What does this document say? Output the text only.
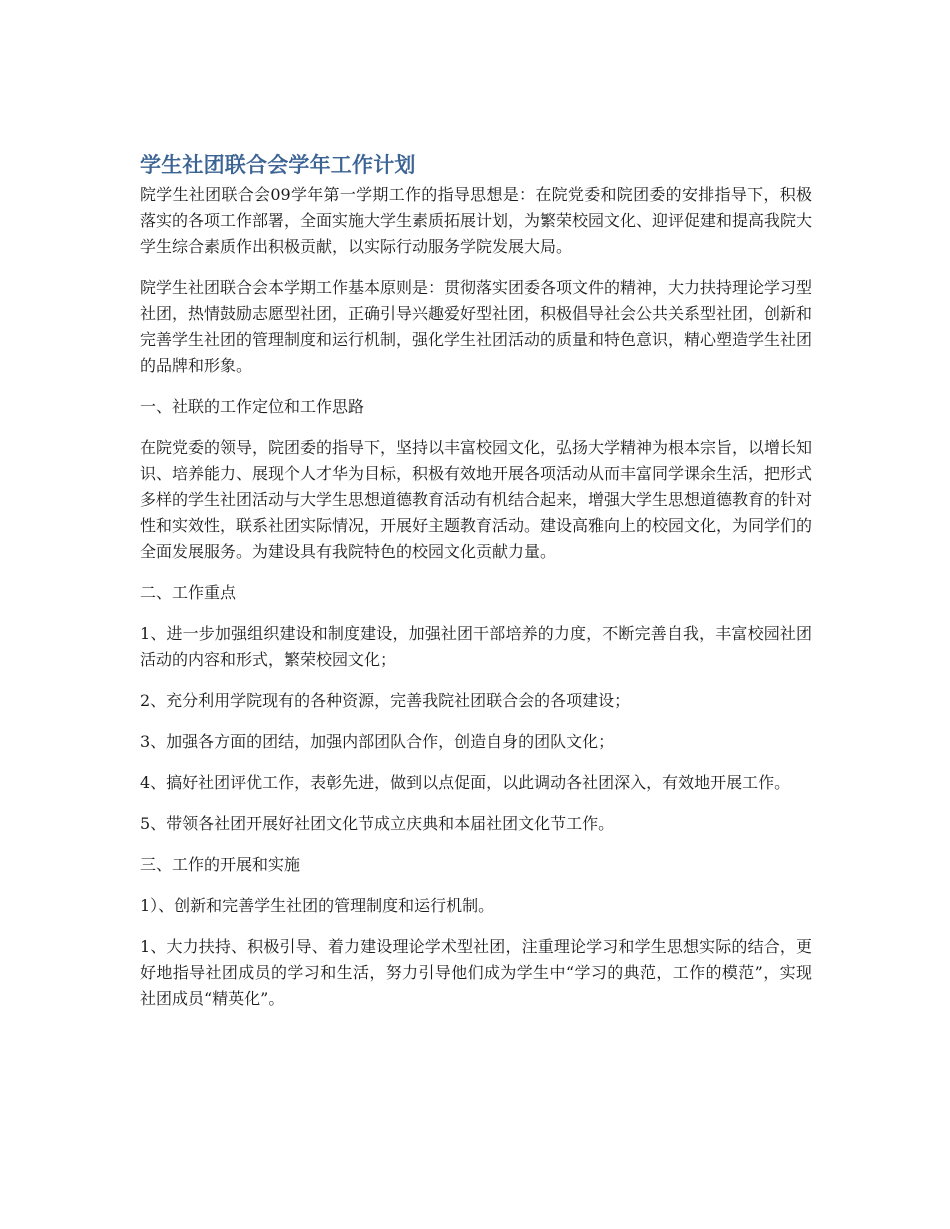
学生社团联合会学年工作计划

院学生社团联合会09学年第一学期工作的指导思想是：在院党委和院团委的安排指导下，积极落实的各项工作部署，全面实施大学生素质拓展计划，为繁荣校园文化、迎评促建和提高我院大学生综合素质作出积极贡献，以实际行动服务学院发展大局。

院学生社团联合会本学期工作基本原则是：贯彻落实团委各项文件的精神，大力扶持理论学习型社团，热情鼓励志愿型社团，正确引导兴趣爱好型社团，积极倡导社会公共关系型社团，创新和完善学生社团的管理制度和运行机制，强化学生社团活动的质量和特色意识，精心塑造学生社团的品牌和形象。

一、社联的工作定位和工作思路

在院党委的领导，院团委的指导下，坚持以丰富校园文化，弘扬大学精神为根本宗旨，以增长知识、培养能力、展现个人才华为目标，积极有效地开展各项活动从而丰富同学课余生活，把形式多样的学生社团活动与大学生思想道德教育活动有机结合起来，增强大学生思想道德教育的针对性和实效性，联系社团实际情况，开展好主题教育活动。建设高雅向上的校园文化，为同学们的全面发展服务。为建设具有我院特色的校园文化贡献力量。

二、工作重点

1、进一步加强组织建设和制度建设，加强社团干部培养的力度，不断完善自我，丰富校园社团活动的内容和形式，繁荣校园文化；

2、充分利用学院现有的各种资源，完善我院社团联合会的各项建设；

3、加强各方面的团结，加强内部团队合作，创造自身的团队文化；

4、搞好社团评优工作，表彰先进，做到以点促面，以此调动各社团深入，有效地开展工作。

5、带领各社团开展好社团文化节成立庆典和本届社团文化节工作。

三、工作的开展和实施

1）、创新和完善学生社团的管理制度和运行机制。

1、大力扶持、积极引导、着力建设理论学术型社团，注重理论学习和学生思想实际的结合，更好地指导社团成员的学习和生活，努力引导他们成为学生中“学习的典范，工作的模范”，实现社团成员“精英化”。
